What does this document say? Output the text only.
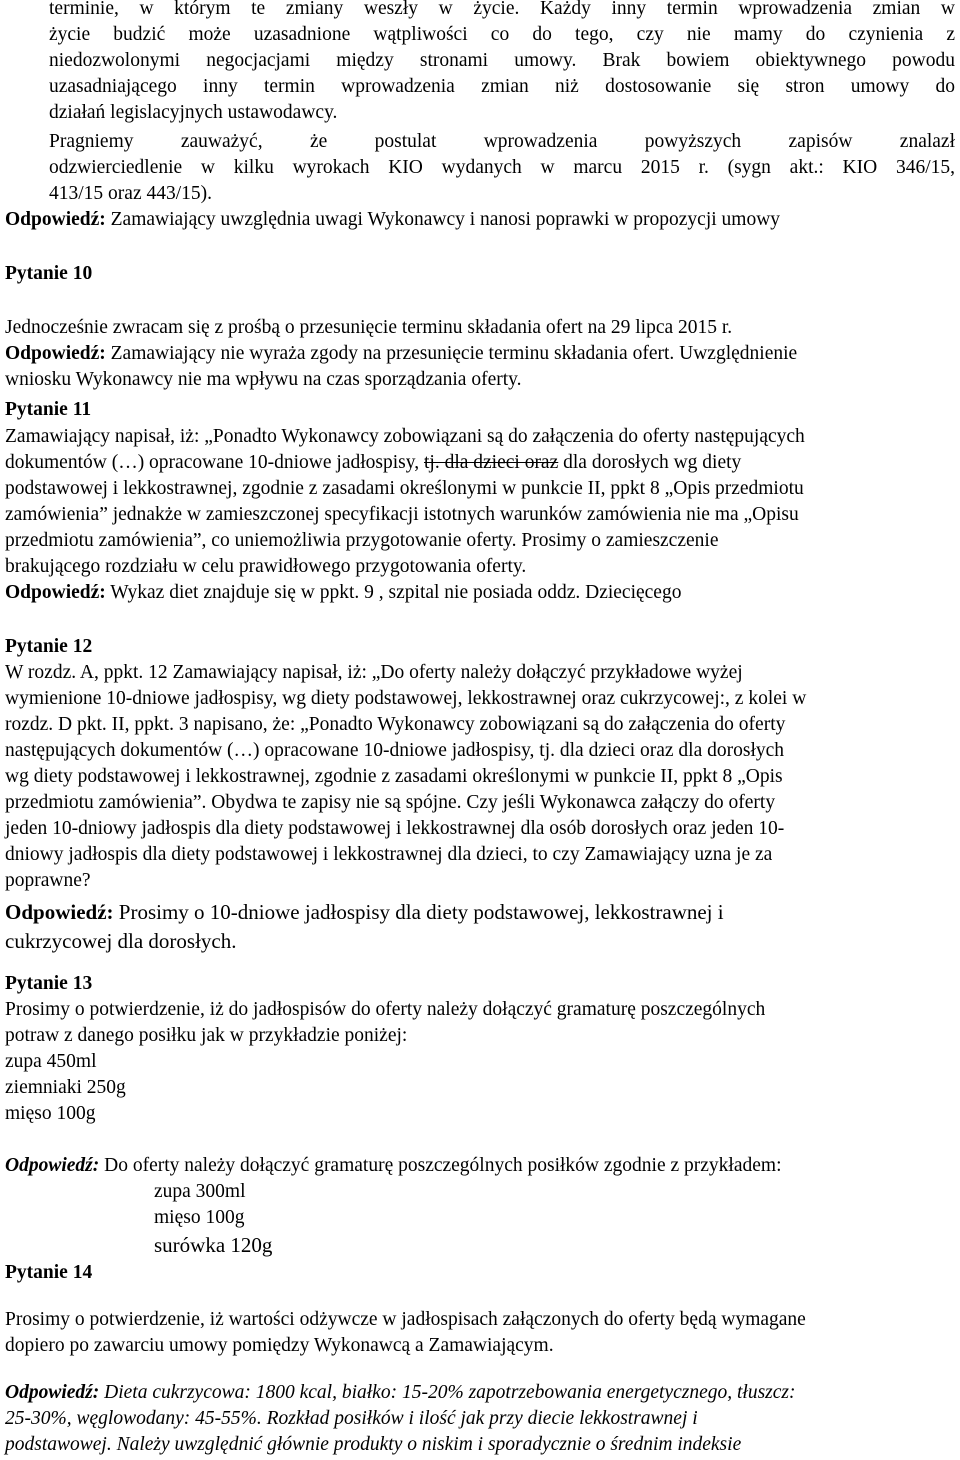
terminie, w którym te zmiany weszły w życie. Każdy inny termin wprowadzenia zmian w
życie budzić może uzasadnione wątpliwości co do tego, czy nie mamy do czynienia z
niedozwolonymi negocjacjami między stronami umowy. Brak bowiem obiektywnego powodu
uzasadniającego inny termin wprowadzenia zmian niż dostosowanie się stron umowy do
działań legislacyjnych ustawodawcy.
Pragniemy zauważyć, że postulat wprowadzenia powyższych zapisów znalazł
odzwierciedlenie w kilku wyrokach KIO wydanych w marcu 2015 r. (sygn akt.: KIO 346/15,
413/15 oraz 443/15).
Odpowiedź: Zamawiający uwzględnia uwagi Wykonawcy i nanosi poprawki w propozycji umowy
Pytanie 10
Jednocześnie zwracam się z prośbą o przesunięcie terminu składania ofert na 29 lipca 2015 r.
Odpowiedź: Zamawiający nie wyraża zgody na przesunięcie terminu składania ofert. Uwzględnienie
wniosku Wykonawcy nie ma wpływu na czas sporządzania oferty.
Pytanie 11
Zamawiający napisał, iż: „Ponadto Wykonawcy zobowiązani są do załączenia do oferty następujących
dokumentów (…) opracowane 10-dniowe jadłospisy, tj. dla dzieci oraz dla dorosłych wg diety
podstawowej i lekkostrawnej, zgodnie z zasadami określonymi w punkcie II, ppkt 8 „Opis przedmiotu
zamówienia” jednakże w zamieszczonej specyfikacji istotnych warunków zamówienia nie ma „Opisu
przedmiotu zamówienia”, co uniemożliwia przygotowanie oferty. Prosimy o zamieszczenie
brakującego rozdziału w celu prawidłowego przygotowania oferty.
Odpowiedź: Wykaz diet znajduje się w ppkt. 9 , szpital nie posiada oddz. Dziecięcego
Pytanie 12
W rozdz. A, ppkt. 12 Zamawiający napisał, iż: „Do oferty należy dołączyć przykładowe wyżej
wymienione 10-dniowe jadłospisy, wg diety podstawowej, lekkostrawnej oraz cukrzycowej:, z kolei w
rozdz. D pkt. II, ppkt. 3 napisano, że: „Ponadto Wykonawcy zobowiązani są do załączenia do oferty
następujących dokumentów (…) opracowane 10-dniowe jadłospisy, tj. dla dzieci oraz dla dorosłych
wg diety podstawowej i lekkostrawnej, zgodnie z zasadami określonymi w punkcie II, ppkt 8 „Opis
przedmiotu zamówienia”. Obydwa te zapisy nie są spójne. Czy jeśli Wykonawca załączy do oferty
jeden 10-dniowy jadłospis dla diety podstawowej i lekkostrawnej dla osób dorosłych oraz jeden 10-
dniowy jadłospis dla diety podstawowej i lekkostrawnej dla dzieci, to czy Zamawiający uzna je za
poprawne?
Odpowiedź: Prosimy o 10-dniowe jadłospisy dla diety podstawowej, lekkostrawnej i
cukrzycowej dla dorosłych.
Pytanie 13
Prosimy o potwierdzenie, iż do jadłospisów do oferty należy dołączyć gramaturę poszczególnych
potraw z danego posiłku jak w przykładzie poniżej:
zupa 450ml
ziemniaki 250g
mięso 100g
Odpowiedź: Do oferty należy dołączyć gramaturę poszczególnych posiłków zgodnie z przykładem:
zupa 300ml
mięso 100g
surówka 120g
Pytanie 14
Prosimy o potwierdzenie, iż wartości odżywcze w jadłospisach załączonych do oferty będą wymagane
dopiero po zawarciu umowy pomiędzy Wykonawcą a Zamawiającym.
Odpowiedź: Dieta cukrzycowa: 1800 kcal, białko: 15-20% zapotrzebowania energetycznego, tłuszcz:
25-30%, węglowodany: 45-55%. Rozkład posiłków i ilość jak przy diecie lekkostrawnej i
podstawowej. Należy uwzględnić głównie produkty o niskim i sporadycznie o średnim indeksie
